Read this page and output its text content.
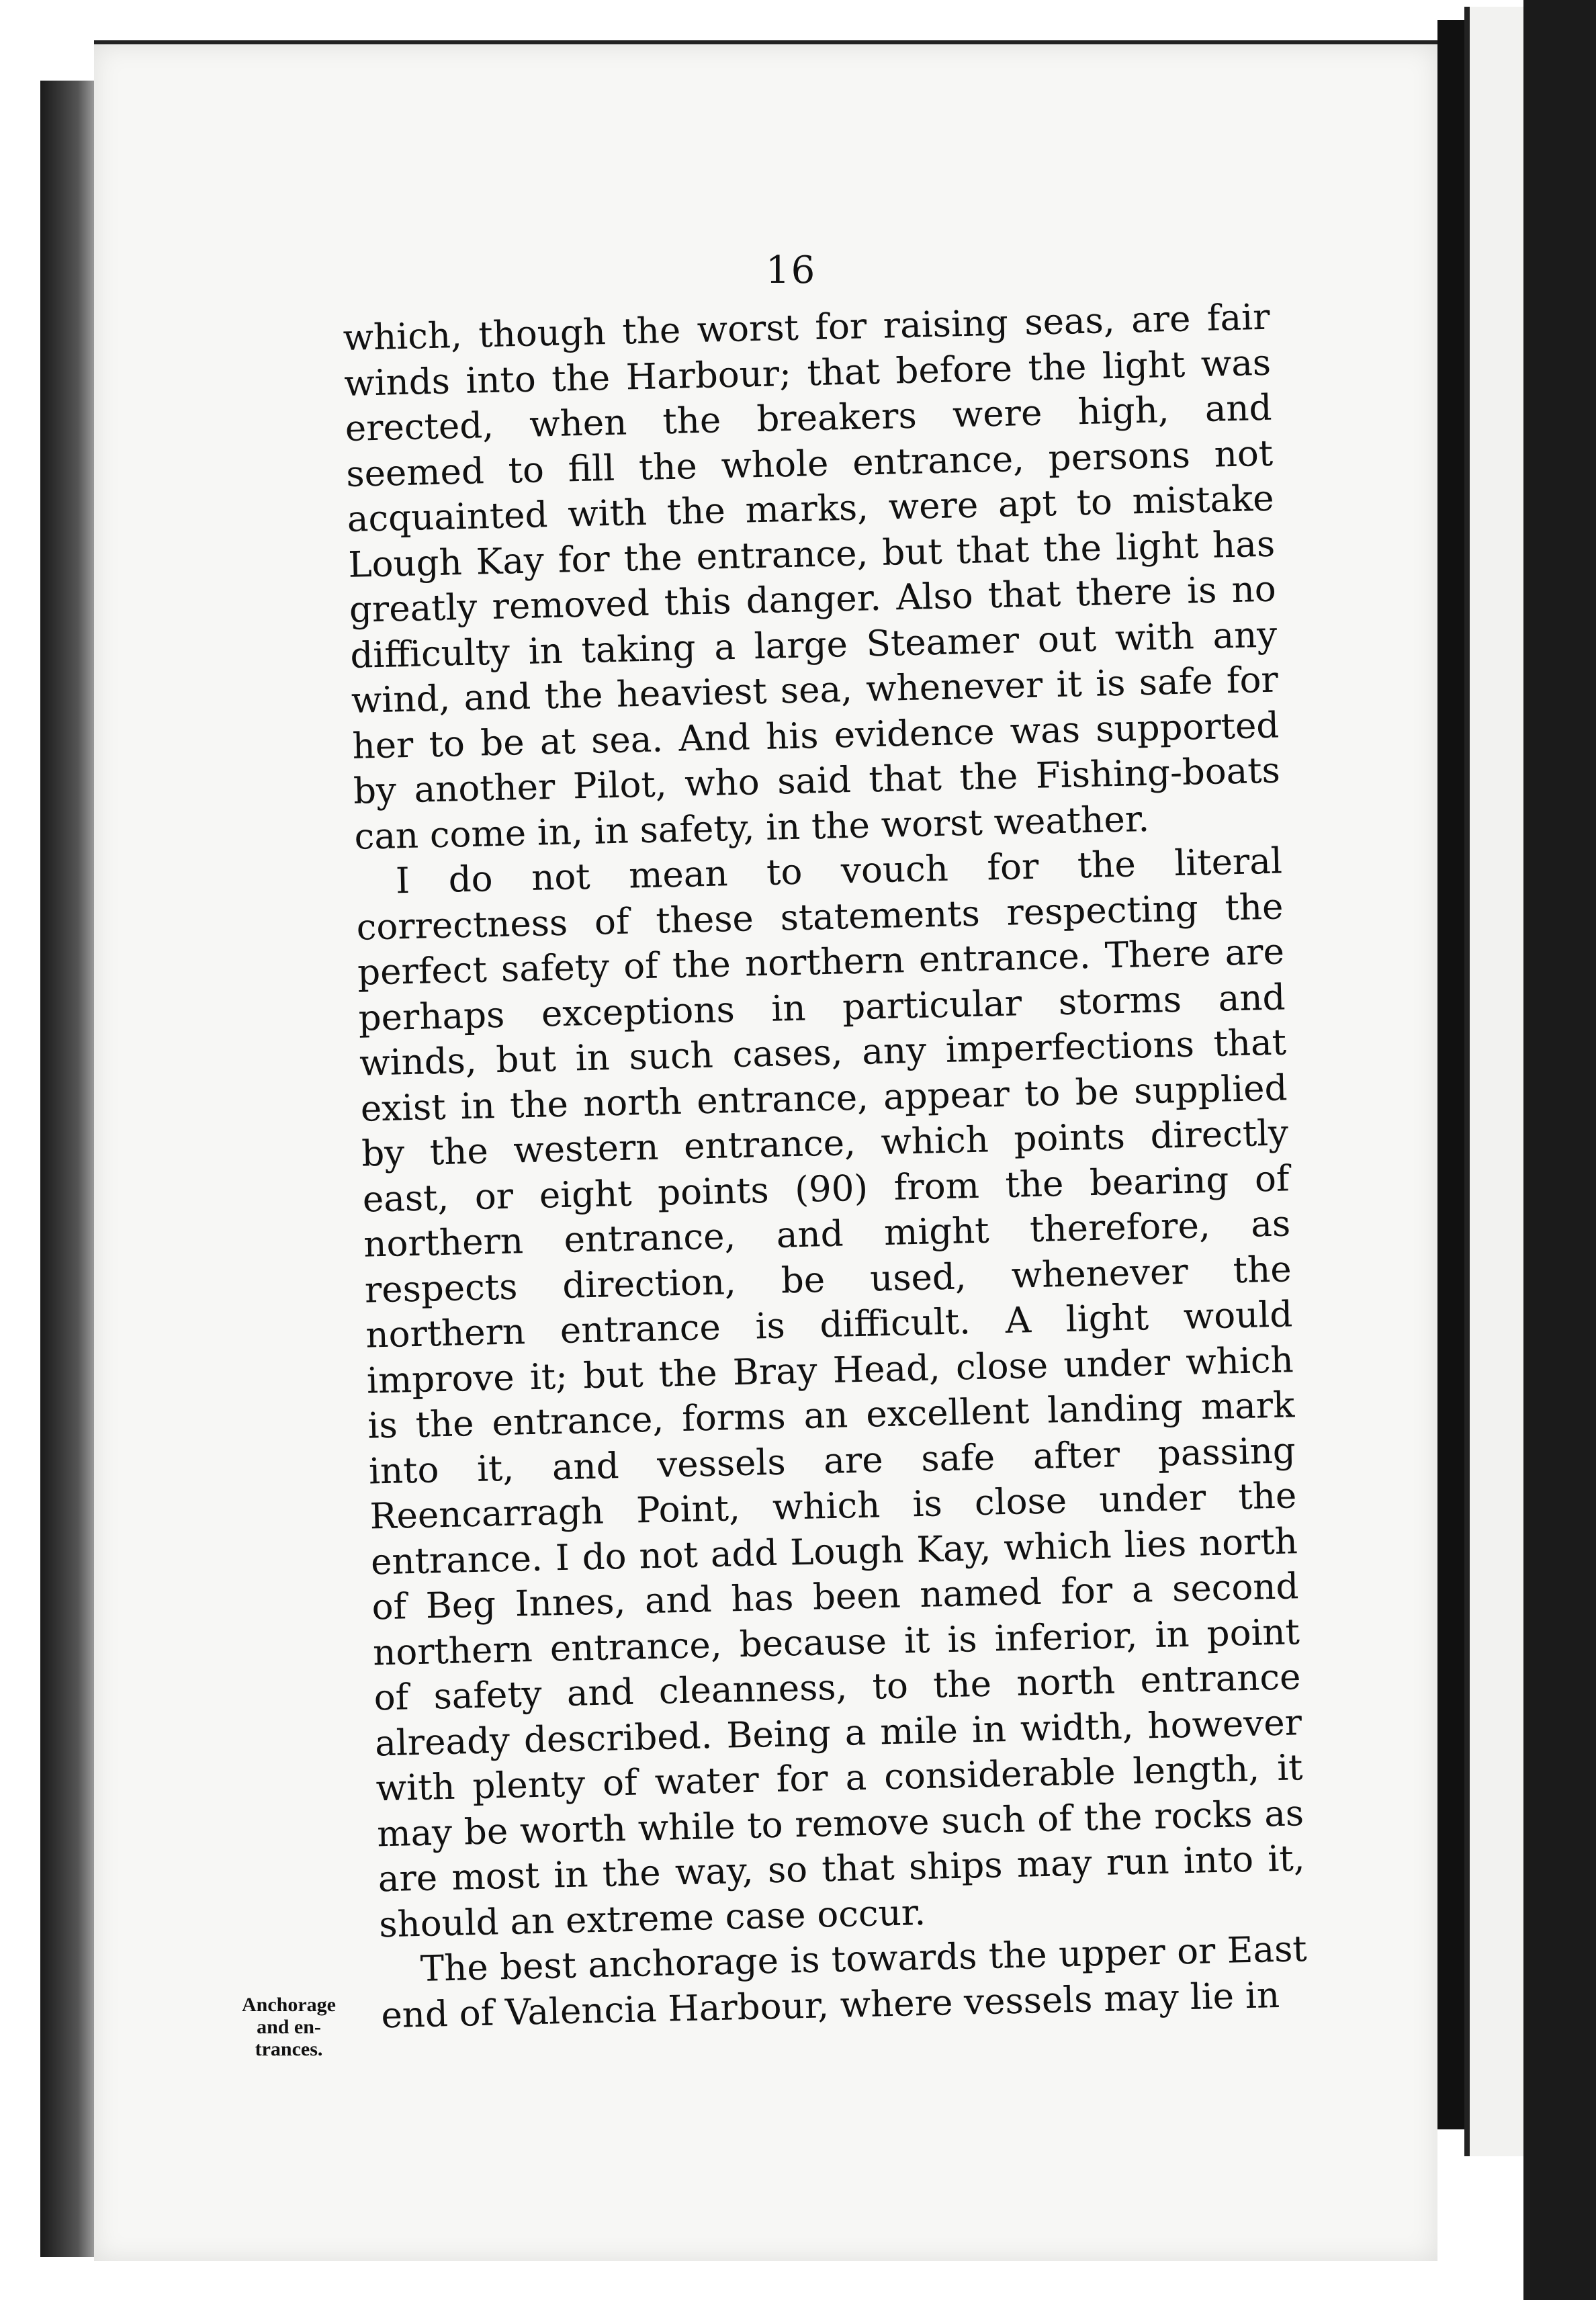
16

which, though the worst for raising seas, are fair winds into the Harbour; that before the light was erected, when the breakers were high, and seemed to fill the whole entrance, persons not acquainted with the marks, were apt to mistake Lough Kay for the entrance, but that the light has greatly removed this danger. Also that there is no difficulty in taking a large Steamer out with any wind, and the heaviest sea, whenever it is safe for her to be at sea. And his evidence was supported by another Pilot, who said that the Fishing-boats can come in, in safety, in the worst weather.

I do not mean to vouch for the literal correctness of these statements respecting the perfect safety of the northern entrance. There are perhaps exceptions in particular storms and winds, but in such cases, any imperfections that exist in the north entrance, appear to be supplied by the western entrance, which points directly east, or eight points (90) from the bearing of northern entrance, and might therefore, as respects direction, be used, whenever the northern entrance is difficult. A light would improve it; but the Bray Head, close under which is the entrance, forms an excellent landing mark into it, and vessels are safe after passing Reencarragh Point, which is close under the entrance. I do not add Lough Kay, which lies north of Beg Innes, and has been named for a second northern entrance, because it is inferior, in point of safety and cleanness, to the north entrance already described. Being a mile in width, however with plenty of water for a considerable length, it may be worth while to remove such of the rocks as are most in the way, so that ships may run into it, should an extreme case occur.

The best anchorage is towards the upper or East end of Valencia Harbour, where vessels may lie in

Anchorage
and en-
trances.
